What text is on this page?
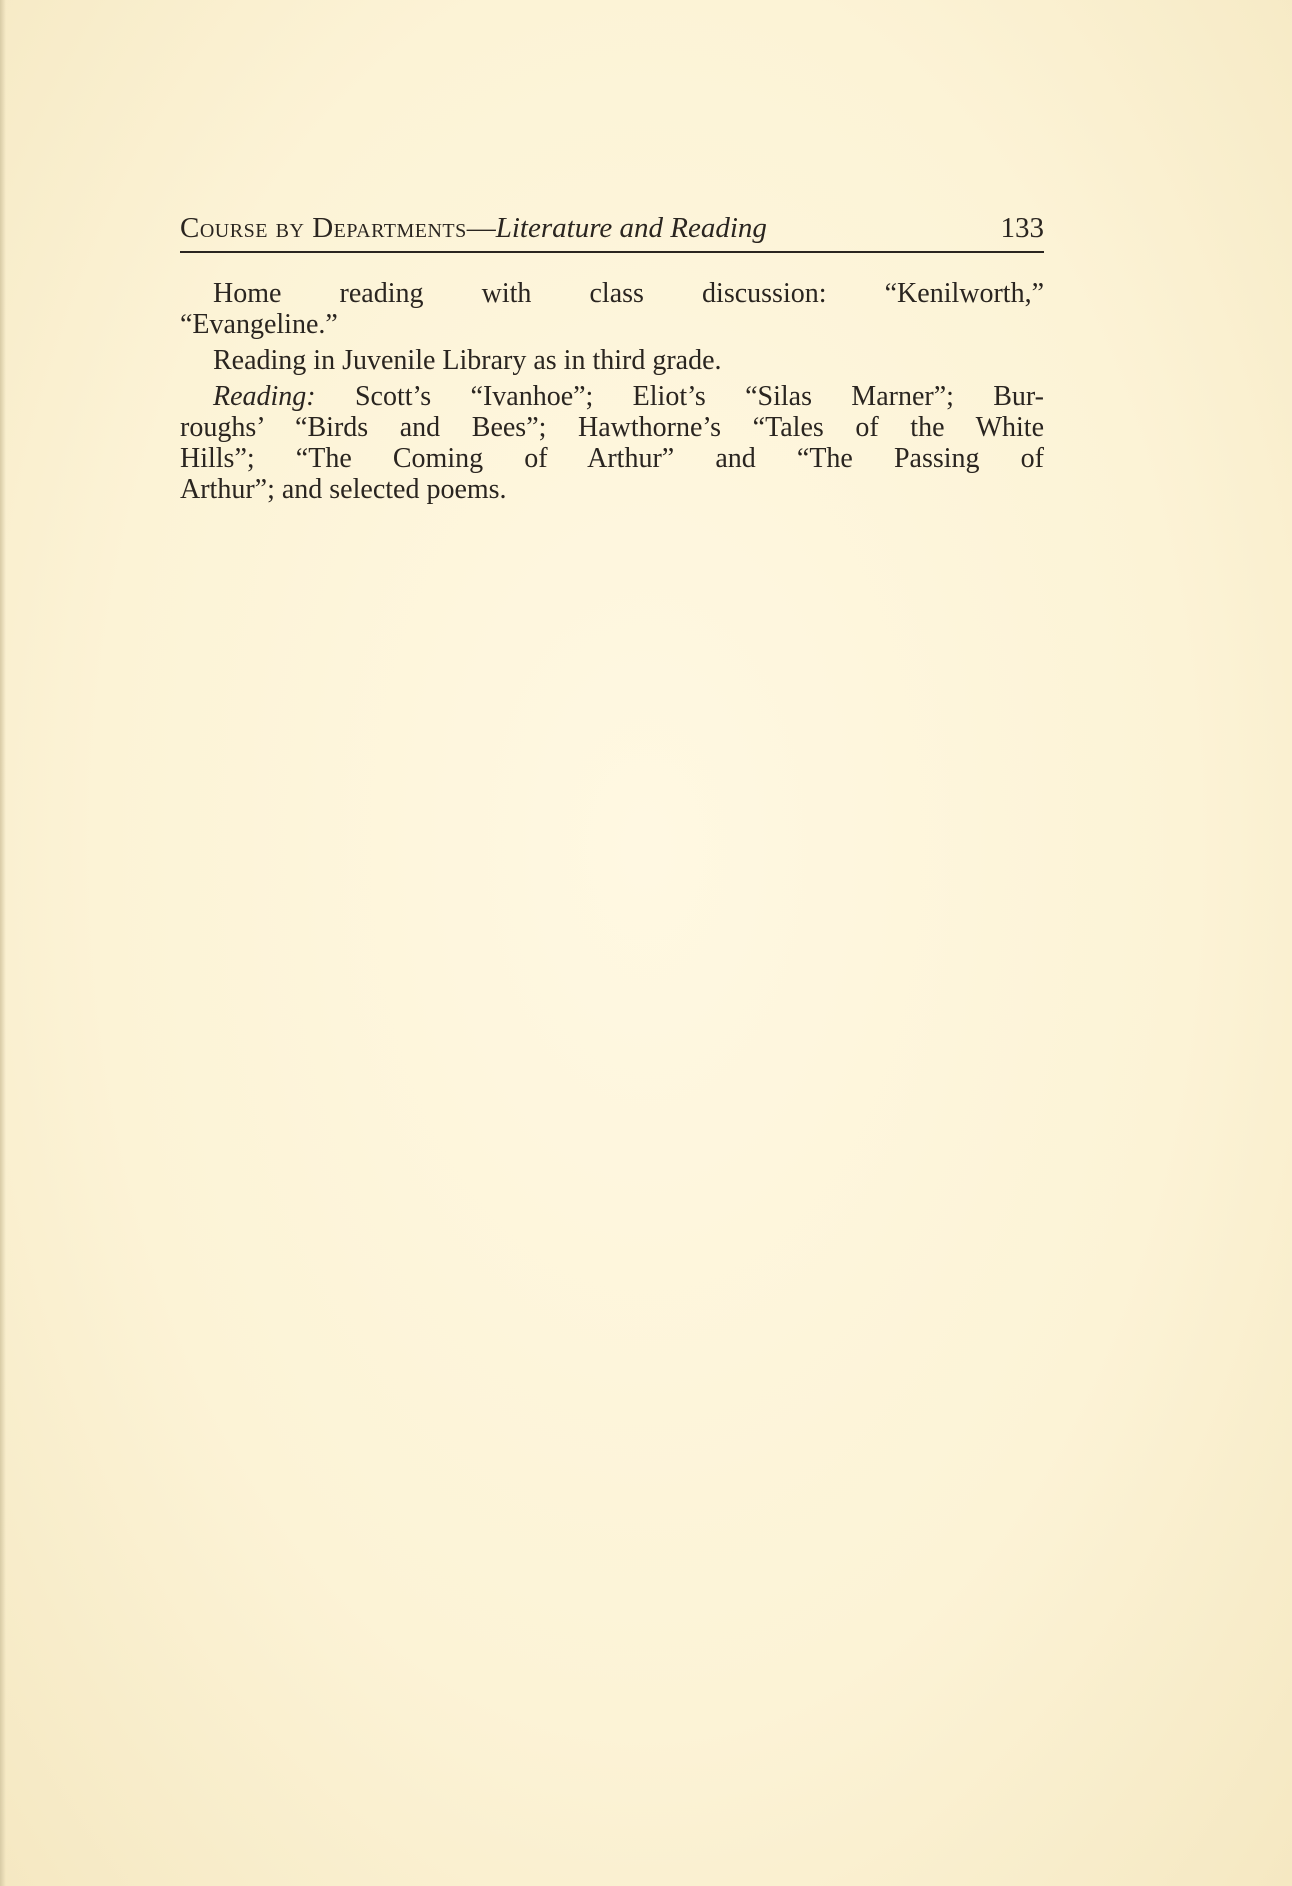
Course by Departments—Literature and Reading	133
Home reading with class discussion: “Kenilworth,”
“Evangeline.”
Reading in Juvenile Library as in third grade.
Reading: Scott’s “Ivanhoe”; Eliot’s “Silas Marner”; Bur-
roughs’ “Birds and Bees”; Hawthorne’s “Tales of the White
Hills”; “The Coming of Arthur” and “The Passing of
Arthur”; and selected poems.
